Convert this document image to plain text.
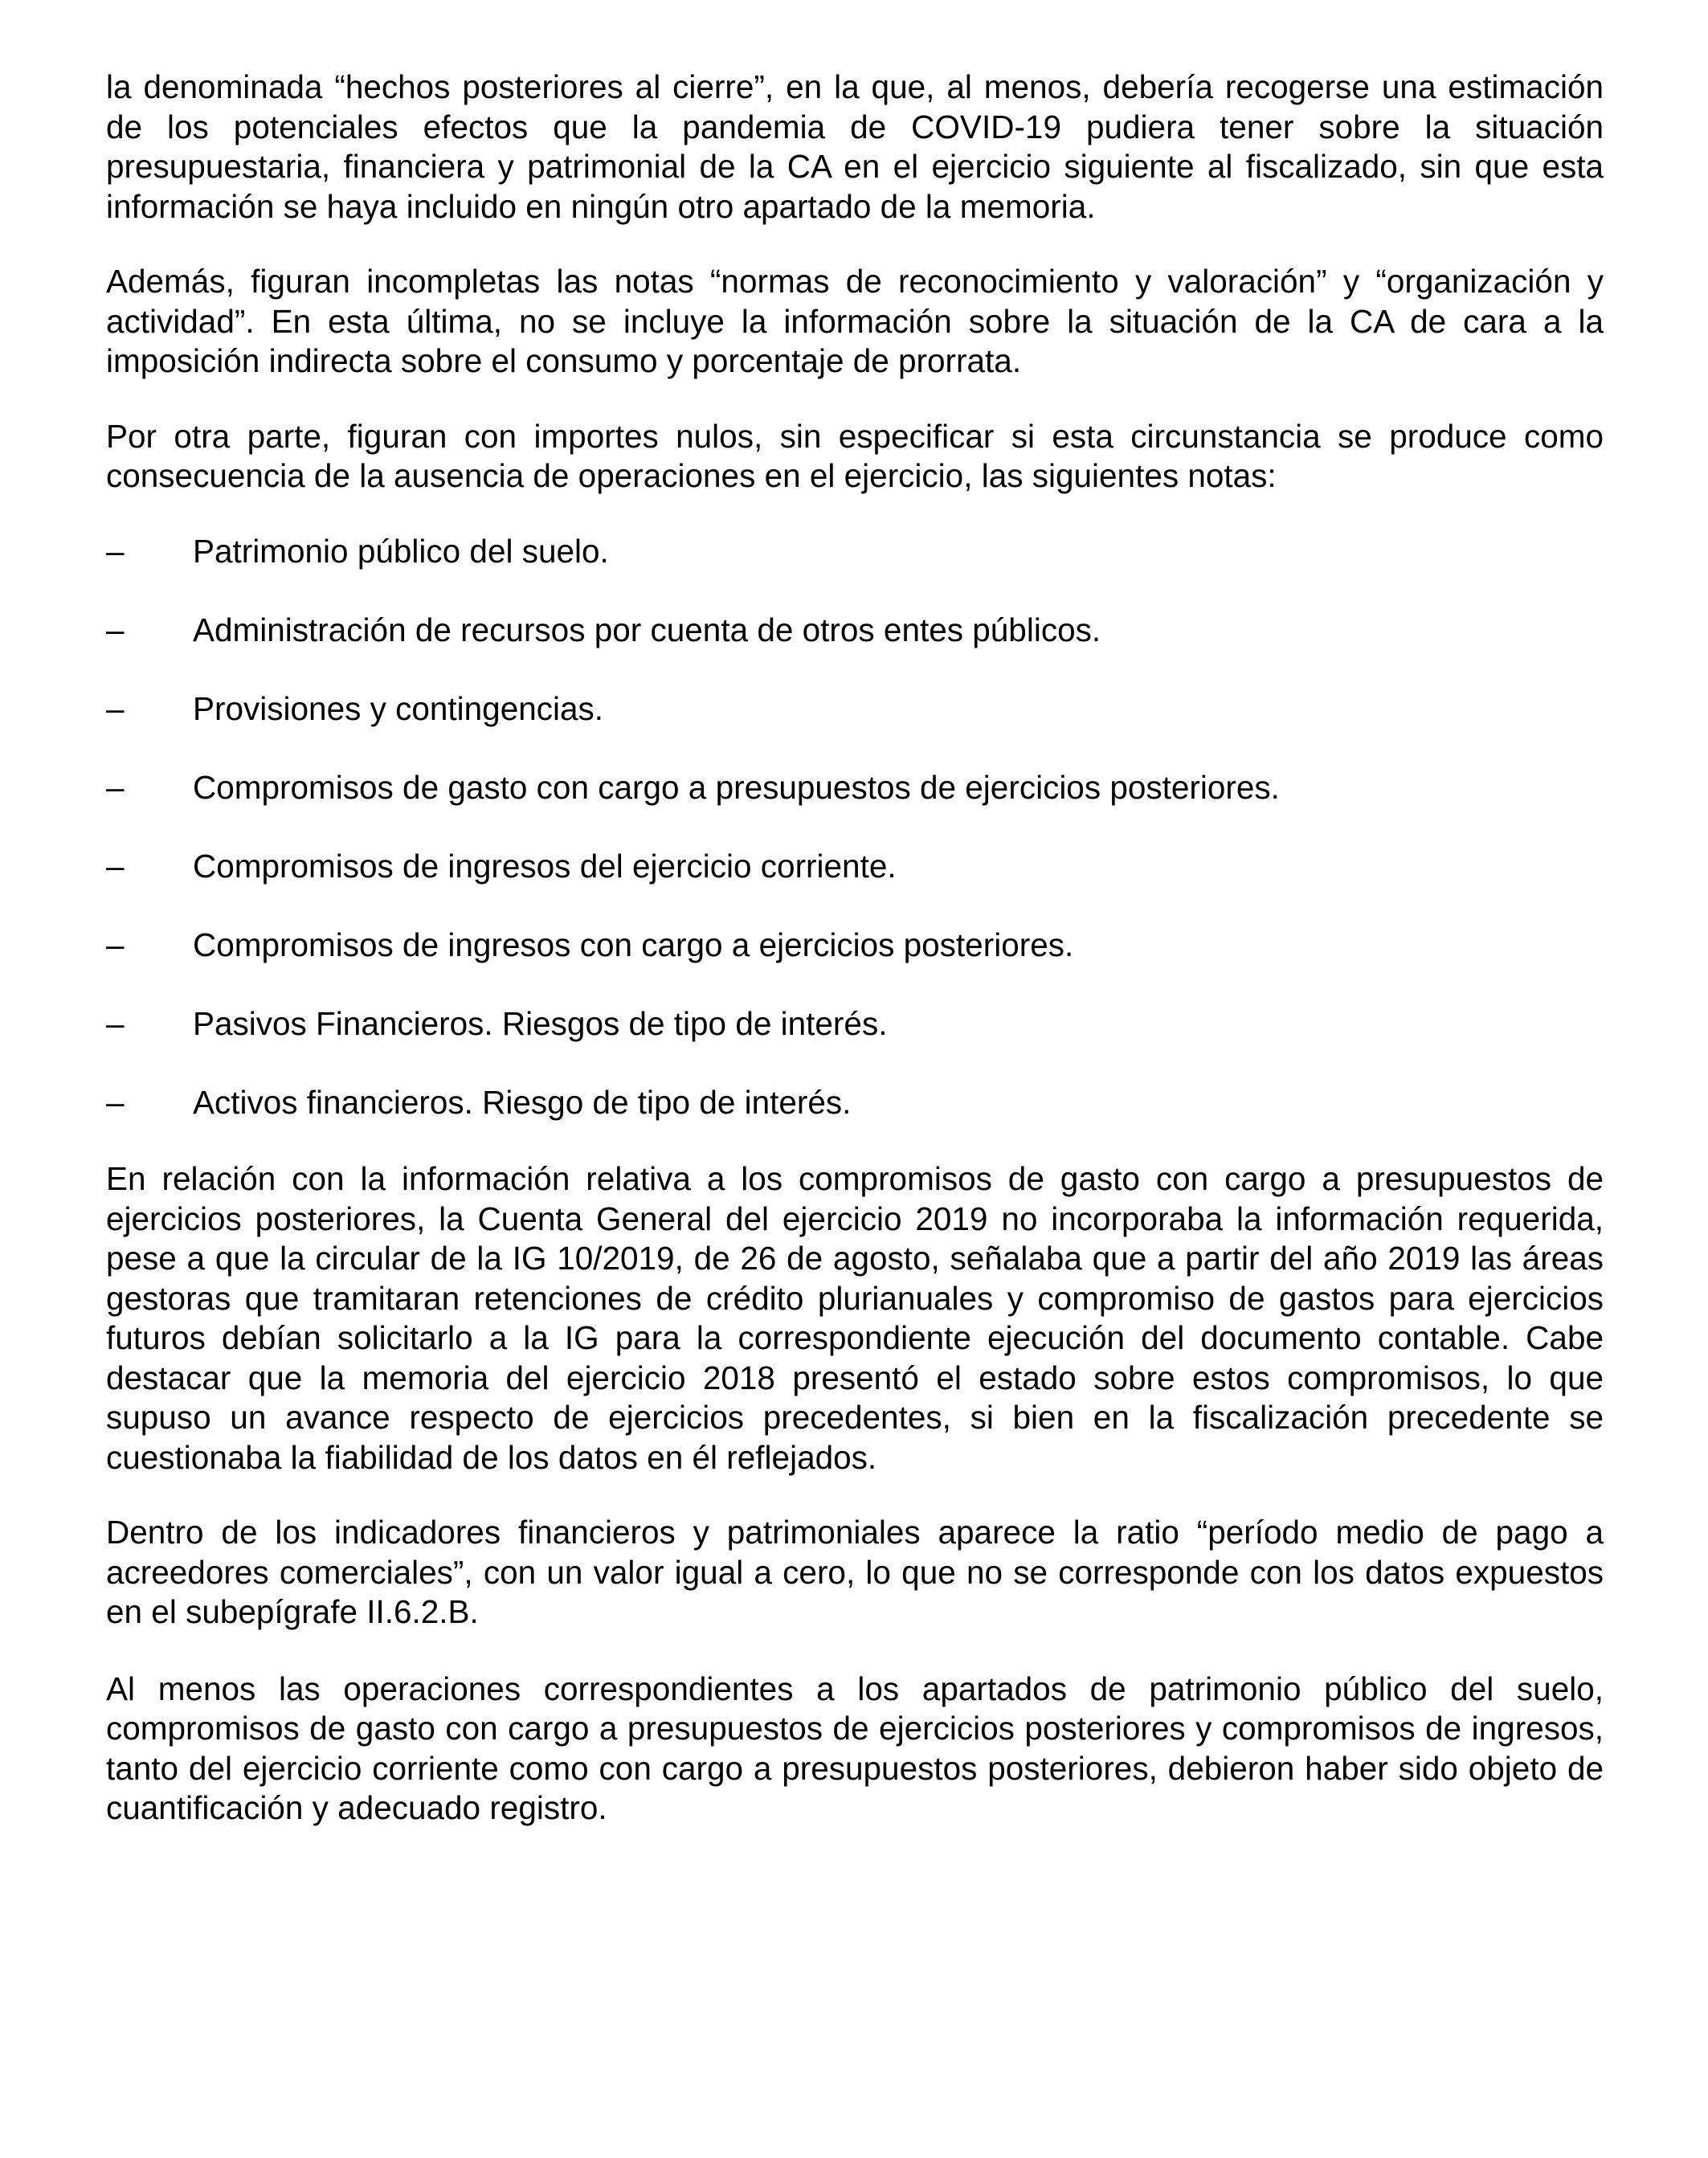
la denominada “hechos posteriores al cierre”, en la que, al menos, debería recogerse una estimación de los potenciales efectos que la pandemia de COVID-19 pudiera tener sobre la situación presupuestaria, financiera y patrimonial de la CA en el ejercicio siguiente al fiscalizado, sin que esta información se haya incluido en ningún otro apartado de la memoria.

Además, figuran incompletas las notas “normas de reconocimiento y valoración” y “organización y actividad”. En esta última, no se incluye la información sobre la situación de la CA de cara a la imposición indirecta sobre el consumo y porcentaje de prorrata.

Por otra parte, figuran con importes nulos, sin especificar si esta circunstancia se produce como consecuencia de la ausencia de operaciones en el ejercicio, las siguientes notas:

–	Patrimonio público del suelo.
–	Administración de recursos por cuenta de otros entes públicos.
–	Provisiones y contingencias.
–	Compromisos de gasto con cargo a presupuestos de ejercicios posteriores.
–	Compromisos de ingresos del ejercicio corriente.
–	Compromisos de ingresos con cargo a ejercicios posteriores.
–	Pasivos Financieros. Riesgos de tipo de interés.
–	Activos financieros. Riesgo de tipo de interés.

En relación con la información relativa a los compromisos de gasto con cargo a presupuestos de ejercicios posteriores, la Cuenta General del ejercicio 2019 no incorporaba la información requerida, pese a que la circular de la IG 10/2019, de 26 de agosto, señalaba que a partir del año 2019 las áreas gestoras que tramitaran retenciones de crédito plurianuales y compromiso de gastos para ejercicios futuros debían solicitarlo a la IG para la correspondiente ejecución del documento contable. Cabe destacar que la memoria del ejercicio 2018 presentó el estado sobre estos compromisos, lo que supuso un avance respecto de ejercicios precedentes, si bien en la fiscalización precedente se cuestionaba la fiabilidad de los datos en él reflejados.

Dentro de los indicadores financieros y patrimoniales aparece la ratio “período medio de pago a acreedores comerciales”, con un valor igual a cero, lo que no se corresponde con los datos expuestos en el subepígrafe II.6.2.B.

Al menos las operaciones correspondientes a los apartados de patrimonio público del suelo, compromisos de gasto con cargo a presupuestos de ejercicios posteriores y compromisos de ingresos, tanto del ejercicio corriente como con cargo a presupuestos posteriores, debieron haber sido objeto de cuantificación y adecuado registro.
